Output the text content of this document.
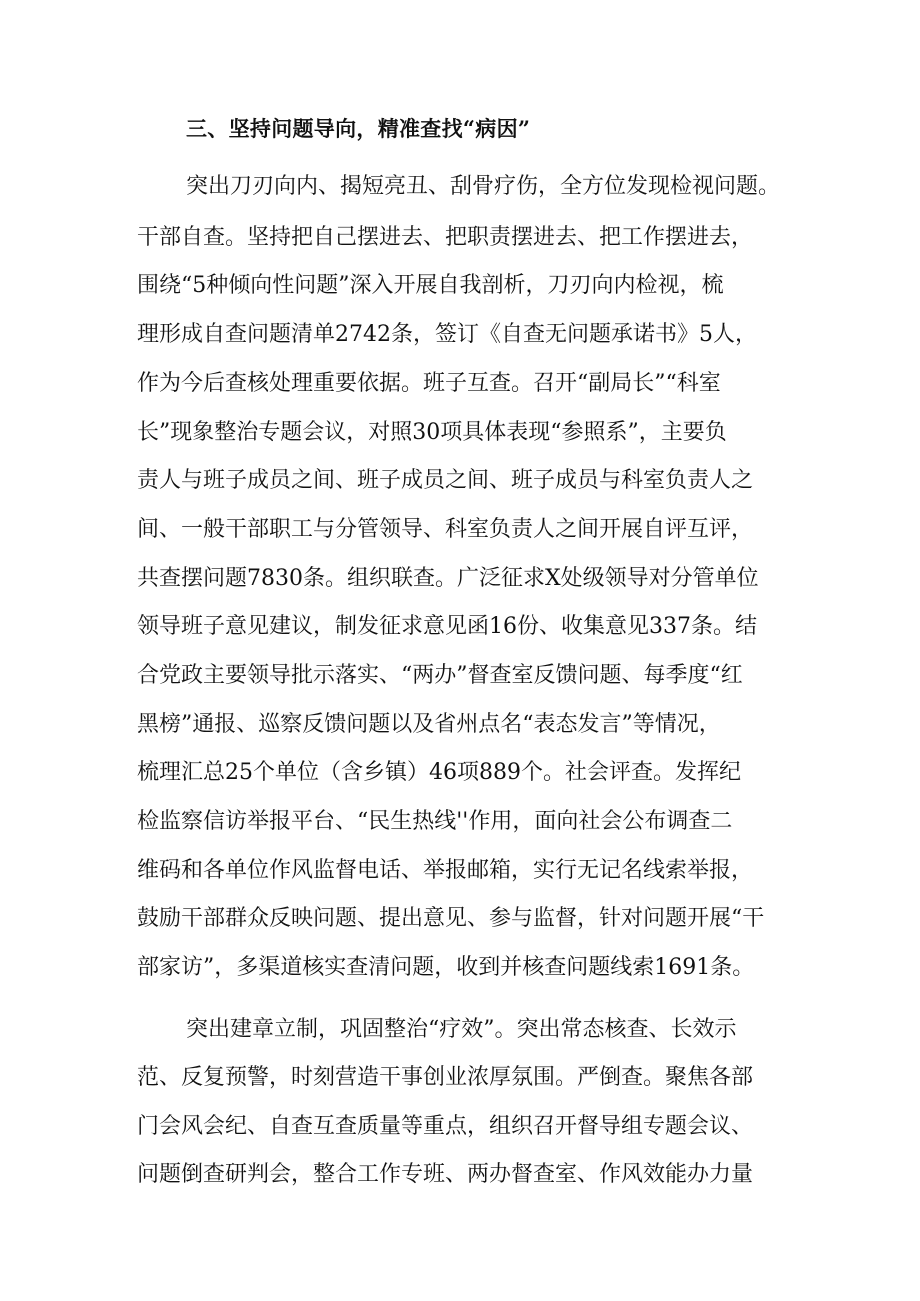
三、坚持问题导向，精准查找“病因”
突出刀刃向内、揭短亮丑、刮骨疗伤，全方位发现检视问题。
干部自查。坚持把自己摆进去、把职责摆进去、把工作摆进去，
围绕“5种倾向性问题”深入开展自我剖析，刀刃向内检视，梳
理形成自查问题清单2742条，签订《自查无问题承诺书》5人，
作为今后查核处理重要依据。班子互查。召开“副局长”“科室
长”现象整治专题会议，对照30项具体表现“参照系”，主要负
责人与班子成员之间、班子成员之间、班子成员与科室负责人之
间、一般干部职工与分管领导、科室负责人之间开展自评互评，
共查摆问题7830条。组织联查。广泛征求X处级领导对分管单位
领导班子意见建议，制发征求意见函16份、收集意见337条。结
合党政主要领导批示落实、“两办”督查室反馈问题、每季度“红
黑榜”通报、巡察反馈问题以及省州点名“表态发言”等情况，
梳理汇总25个单位（含乡镇）46项889个。社会评查。发挥纪
检监察信访举报平台、“民生热线''作用，面向社会公布调查二
维码和各单位作风监督电话、举报邮箱，实行无记名线索举报，
鼓励干部群众反映问题、提出意见、参与监督，针对问题开展“干
部家访”，多渠道核实查清问题，收到并核查问题线索1691条。
突出建章立制，巩固整治“疗效”。突出常态核查、长效示
范、反复预警，时刻营造干事创业浓厚氛围。严倒查。聚焦各部
门会风会纪、自查互查质量等重点，组织召开督导组专题会议、
问题倒查研判会，整合工作专班、两办督查室、作风效能办力量
